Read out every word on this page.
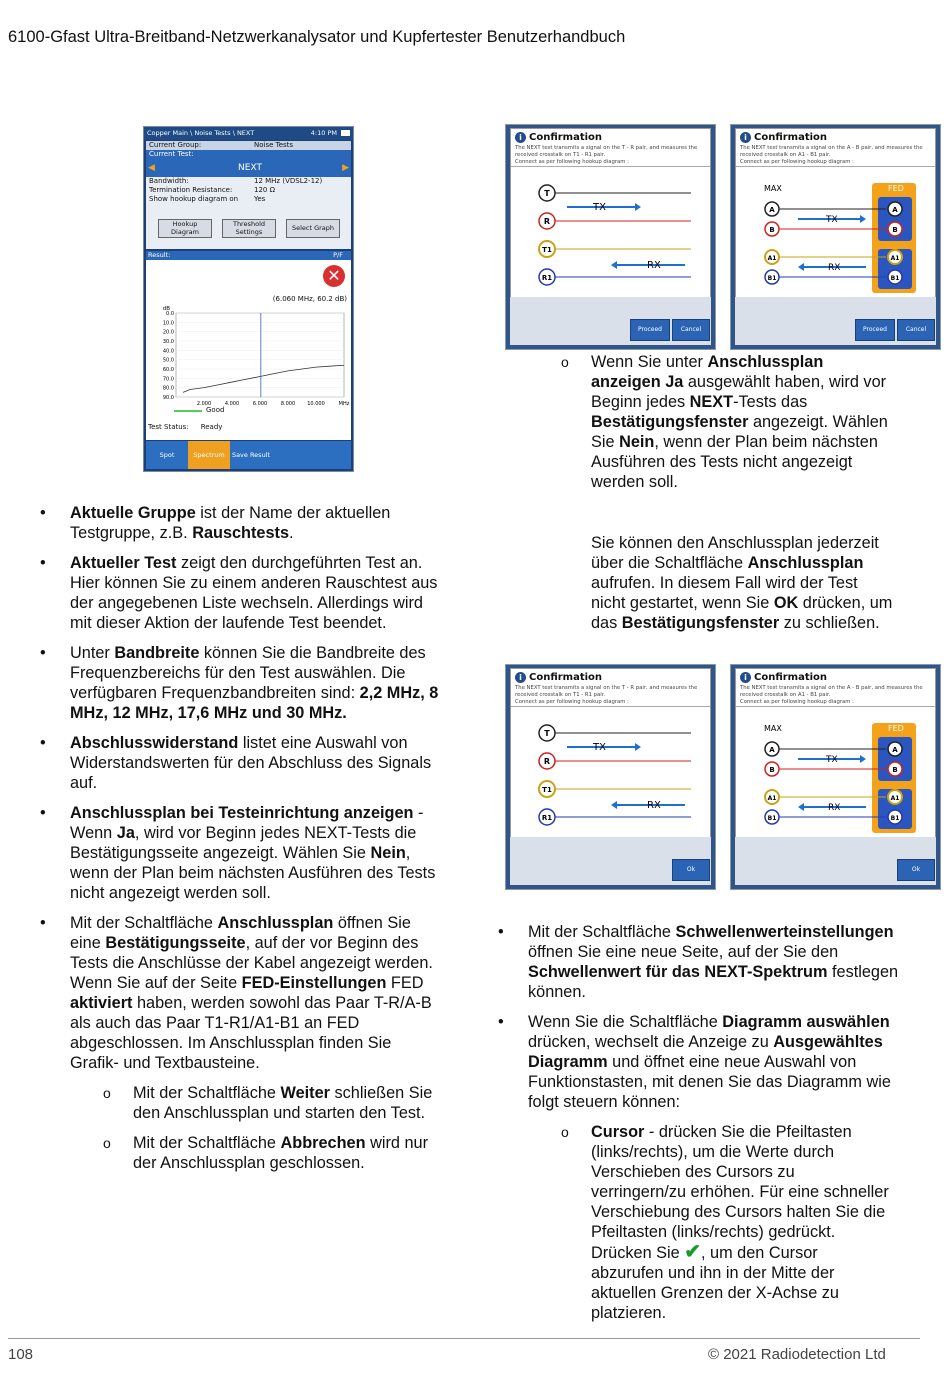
6100-Gfast Ultra-Breitband-Netzwerkanalysator und Kupfertester Benutzerhandbuch
Copper Main \ Noise Tests \ NEXT	4:10 PM
Current Group:	Noise Tests
Current Test:
◀	NEXT	▶
Bandwidth:	12 MHz (VDSL2-12)
Termination Resistance:	120 Ω
Show hookup diagram on Yes
Hookup Diagram
Threshold Settings	Select Graph
Result:	P/F
✕
(6.060 MHz, 60.2 dB)
dB
0.0
10.0
20.0
30.0
40.0
50.0
60.0
70.0
80.0
90.0
2.000	4.000	6.000	8.000 10.000	MHz
Good
Test Status: Ready
Spot	Spectrum	Save Result
i Confirmation
The NEXT test transmits a signal on the T - R pair, and measures the received crosstalk on T1 - R1 pair.
Connect as per following hookup diagram :
T
R
T1
R1
TX
RX
Proceed	Cancel
i Confirmation
The NEXT test transmits a signal on the A - B pair, and measures the received crosstalk on A1 - B1 pair.
Connect as per following hookup diagram :
MAX	FED
A
B
A1
B1
A
B
A1
B1
TX
RX
Proceed	Cancel
i Confirmation
The NEXT test transmits a signal on the T - R pair, and measures the received crosstalk on T1 - R1 pair.
Connect as per following hookup diagram :
T
R
T1
R1
TX
RX
Ok
i Confirmation
The NEXT test transmits a signal on the A - B pair, and measures the received crosstalk on A1 - B1 pair.
Connect as per following hookup diagram :
MAX	FED
A
B
A1
B1
A
B
A1
B1
TX
RX
Ok
• Aktuelle Gruppe ist der Name der aktuellen Testgruppe, z.B. Rauschtests.
• Aktueller Test zeigt den durchgeführten Test an. Hier können Sie zu einem anderen Rauschtest aus der angegebenen Liste wechseln. Allerdings wird mit dieser Aktion der laufende Test beendet.
• Unter Bandbreite können Sie die Bandbreite des Frequenzbereichs für den Test auswählen. Die verfügbaren Frequenzbandbreiten sind: 2,2 MHz, 8 MHz, 12 MHz, 17,6 MHz und 30 MHz.
• Abschlusswiderstand listet eine Auswahl von Widerstandswerten für den Abschluss des Signals auf.
• Anschlussplan bei Testeinrichtung anzeigen - Wenn Ja, wird vor Beginn jedes NEXT-Tests die Bestätigungsseite angezeigt. Wählen Sie Nein, wenn der Plan beim nächsten Ausführen des Tests nicht angezeigt werden soll.
• Mit der Schaltfläche Anschlussplan öffnen Sie eine Bestätigungsseite, auf der vor Beginn des Tests die Anschlüsse der Kabel angezeigt werden. Wenn Sie auf der Seite FED-Einstellungen FED aktiviert haben, werden sowohl das Paar T-R/A-B als auch das Paar T1-R1/A1-B1 an FED abgeschlossen. Im Anschlussplan finden Sie Grafik- und Textbausteine.
o Mit der Schaltfläche Weiter schließen Sie den Anschlussplan und starten den Test.
o Mit der Schaltfläche Abbrechen wird nur der Anschlussplan geschlossen.
o Wenn Sie unter Anschlussplan anzeigen Ja ausgewählt haben, wird vor Beginn jedes NEXT-Tests das Bestätigungsfenster angezeigt. Wählen Sie Nein, wenn der Plan beim nächsten Ausführen des Tests nicht angezeigt werden soll.

Sie können den Anschlussplan jederzeit über die Schaltfläche Anschlussplan aufrufen. In diesem Fall wird der Test nicht gestartet, wenn Sie OK drücken, um das Bestätigungsfenster zu schließen.

• Mit der Schaltfläche Schwellenwerteinstellungen öffnen Sie eine neue Seite, auf der Sie den Schwellenwert für das NEXT-Spektrum festlegen können.
• Wenn Sie die Schaltfläche Diagramm auswählen drücken, wechselt die Anzeige zu Ausgewähltes Diagramm und öffnet eine neue Auswahl von Funktionstasten, mit denen Sie das Diagramm wie folgt steuern können:
o Cursor - drücken Sie die Pfeiltasten (links/rechts), um die Werte durch Verschieben des Cursors zu verringern/zu erhöhen. Für eine schneller Verschiebung des Cursors halten Sie die Pfeiltasten (links/rechts) gedrückt. Drücken Sie ✔, um den Cursor abzurufen und ihn in der Mitte der aktuellen Grenzen der X-Achse zu platzieren.
108	© 2021 Radiodetection Ltd
